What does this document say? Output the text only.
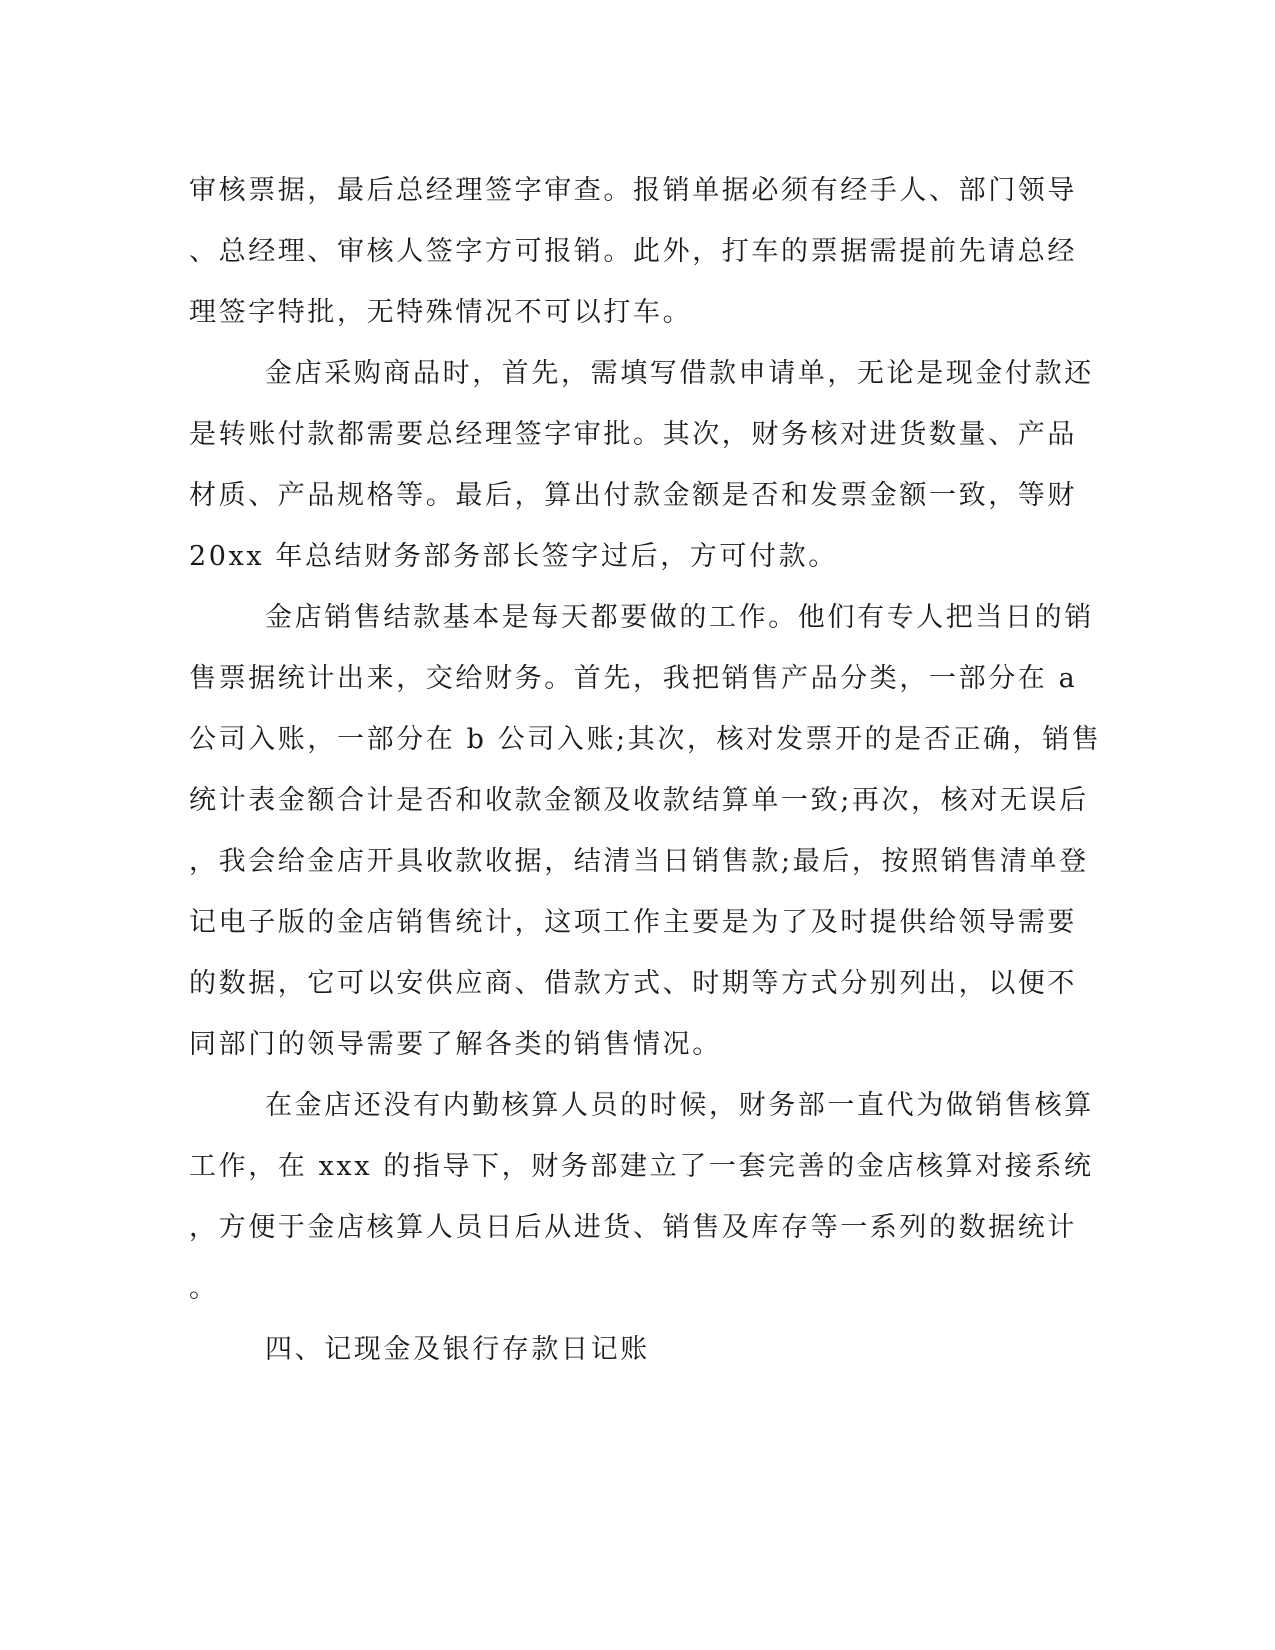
审核票据，最后总经理签字审查。报销单据必须有经手人、部门领导
、总经理、审核人签字方可报销。此外，打车的票据需提前先请总经
理签字特批，无特殊情况不可以打车。
金店采购商品时，首先，需填写借款申请单，无论是现金付款还
是转账付款都需要总经理签字审批。其次，财务核对进货数量、产品
材质、产品规格等。最后，算出付款金额是否和发票金额一致，等财
20xx 年总结财务部务部长签字过后，方可付款。
金店销售结款基本是每天都要做的工作。他们有专人把当日的销
售票据统计出来，交给财务。首先，我把销售产品分类，一部分在 a
公司入账，一部分在 b 公司入账;其次，核对发票开的是否正确，销售
统计表金额合计是否和收款金额及收款结算单一致;再次，核对无误后
，我会给金店开具收款收据，结清当日销售款;最后，按照销售清单登
记电子版的金店销售统计，这项工作主要是为了及时提供给领导需要
的数据，它可以安供应商、借款方式、时期等方式分别列出，以便不
同部门的领导需要了解各类的销售情况。
在金店还没有内勤核算人员的时候，财务部一直代为做销售核算
工作，在 xxx 的指导下，财务部建立了一套完善的金店核算对接系统
，方便于金店核算人员日后从进货、销售及库存等一系列的数据统计
。
四、记现金及银行存款日记账
